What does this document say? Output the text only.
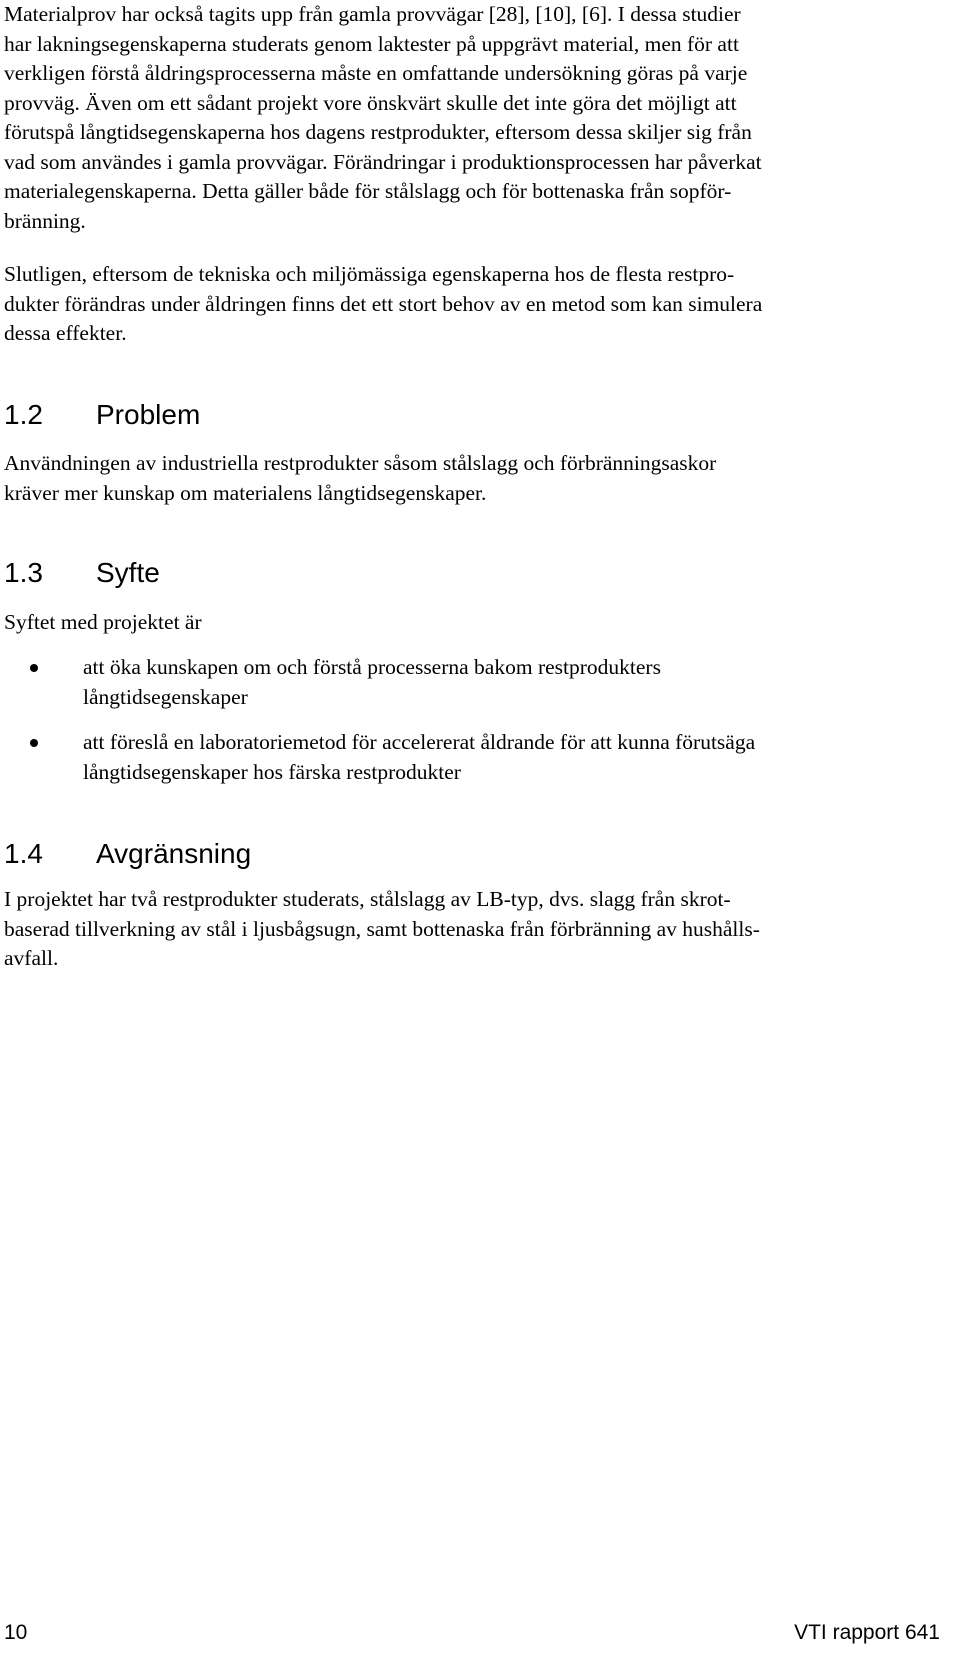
Materialprov har också tagits upp från gamla provvägar [28], [10], [6]. I dessa studier
har lakningsegenskaperna studerats genom laktester på uppgrävt material, men för att
verkligen förstå åldringsprocesserna måste en omfattande undersökning göras på varje
provväg. Även om ett sådant projekt vore önskvärt skulle det inte göra det möjligt att
förutspå långtidsegenskaperna hos dagens restprodukter, eftersom dessa skiljer sig från
vad som användes i gamla provvägar. Förändringar i produktionsprocessen har påverkat
materialegenskaperna. Detta gäller både för stålslagg och för bottenaska från sopför-
bränning.

Slutligen, eftersom de tekniska och miljömässiga egenskaperna hos de flesta restpro-
dukter förändras under åldringen finns det ett stort behov av en metod som kan simulera
dessa effekter.

1.2	Problem

Användningen av industriella restprodukter såsom stålslagg och förbränningsaskor
kräver mer kunskap om materialens långtidsegenskaper.

1.3	Syfte

Syftet med projektet är

att öka kunskapen om och förstå processerna bakom restprodukters
långtidsegenskaper

att föreslå en laboratoriemetod för accelererat åldrande för att kunna förutsäga
långtidsegenskaper hos färska restprodukter

1.4	Avgränsning

I projektet har två restprodukter studerats, stålslagg av LB-typ, dvs. slagg från skrot-
baserad tillverkning av stål i ljusbågsugn, samt bottenaska från förbränning av hushålls-
avfall.

10	VTI rapport 641
